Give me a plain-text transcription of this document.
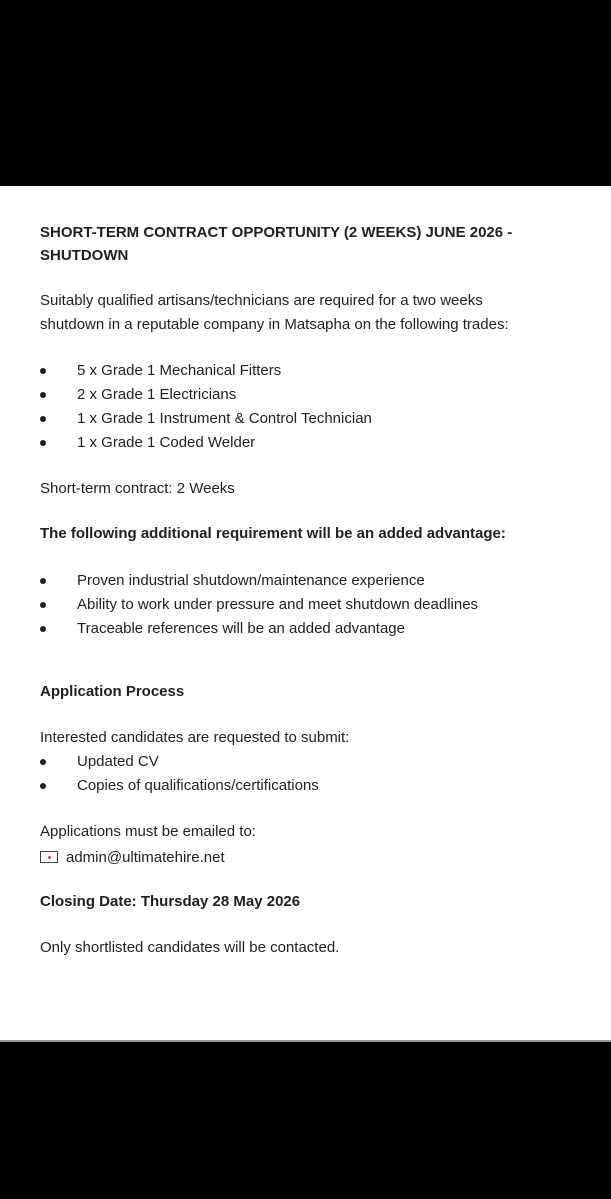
SHORT-TERM CONTRACT OPPORTUNITY (2 WEEKS) JUNE 2026 -

SHUTDOWN

Suitably qualified artisans/technicians are required for a two weeks

shutdown in a reputable company in Matsapha on the following trades:

5 x Grade 1 Mechanical Fitters
2 x Grade 1 Electricians
1 x Grade 1 Instrument & Control Technician
1 x Grade 1 Coded Welder

Short-term contract: 2 Weeks

The following additional requirement will be an added advantage:

Proven industrial shutdown/maintenance experience
Ability to work under pressure and meet shutdown deadlines
Traceable references will be an added advantage

Application Process

Interested candidates are requested to submit:

Updated CV
Copies of qualifications/certifications

Applications must be emailed to:

admin@ultimatehire.net

Closing Date: Thursday 28 May 2026

Only shortlisted candidates will be contacted.
